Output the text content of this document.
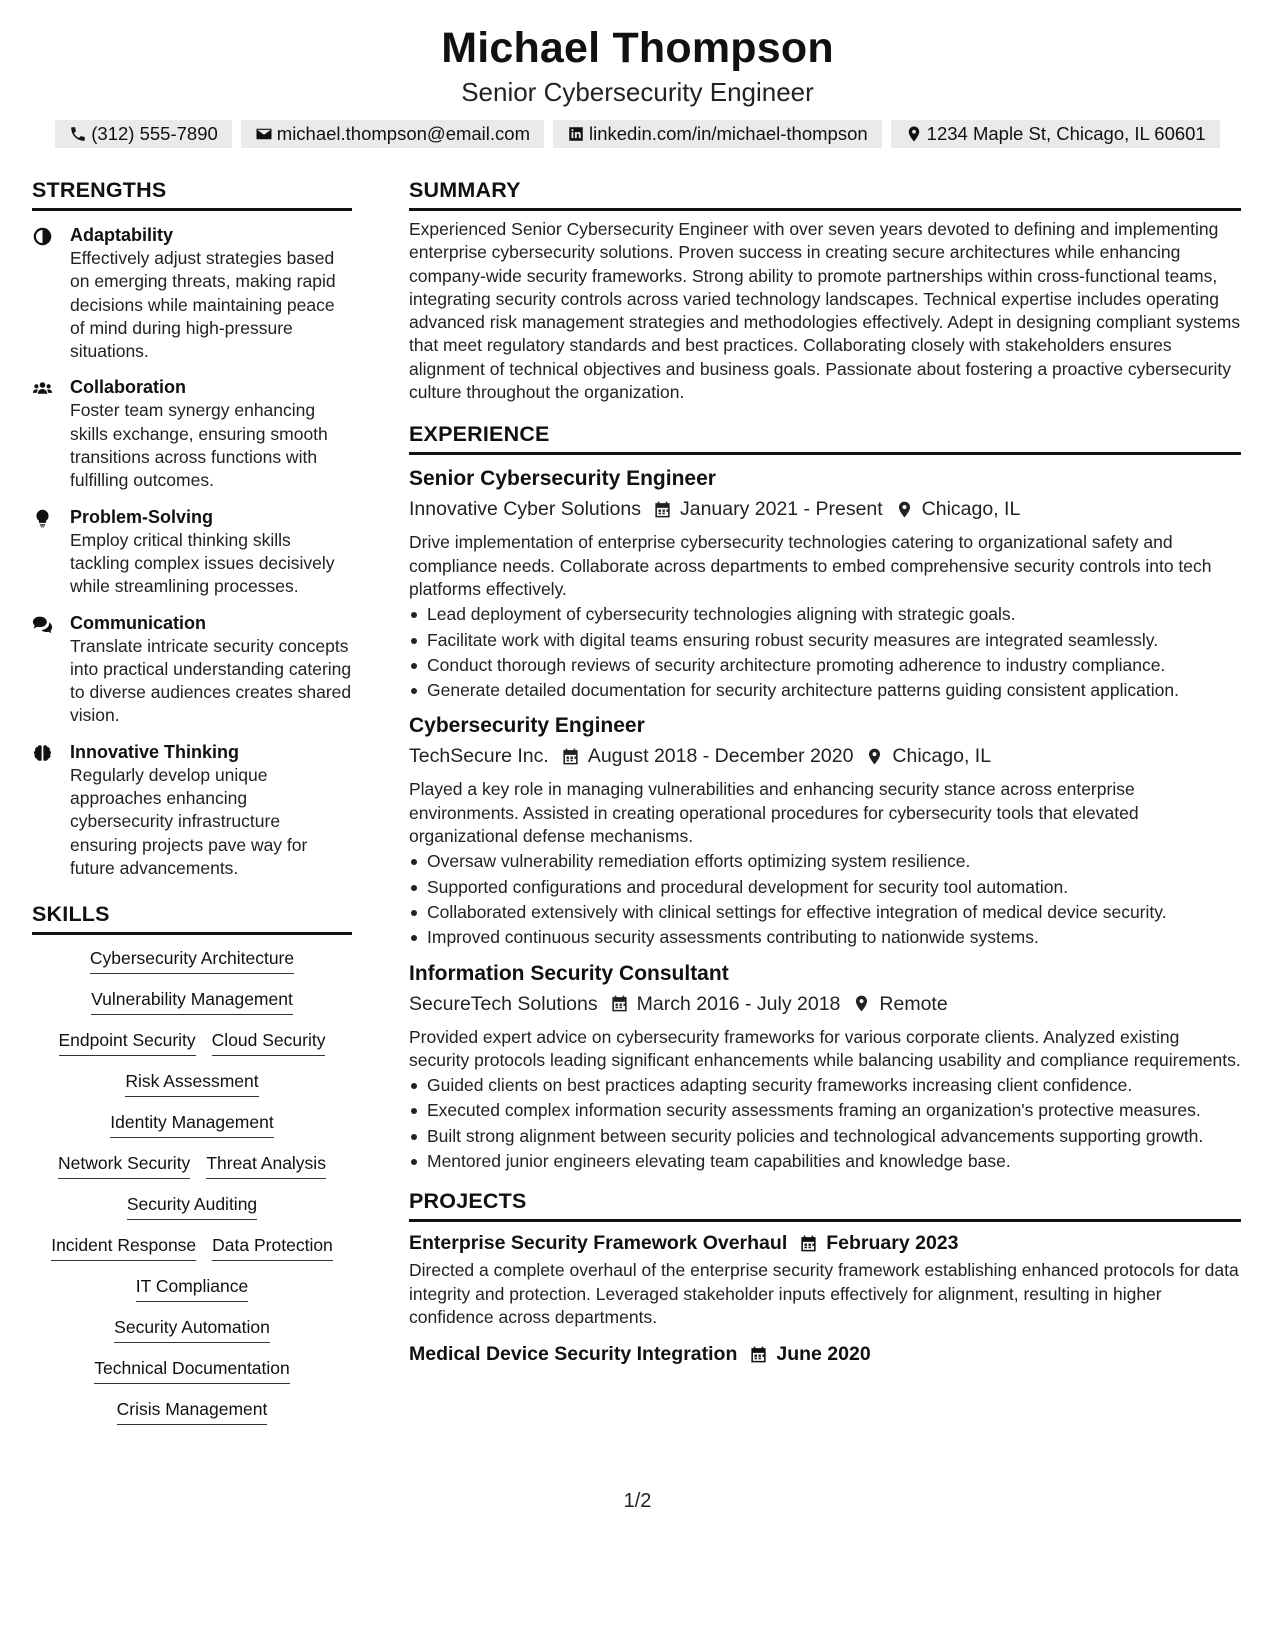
Michael Thompson
Senior Cybersecurity Engineer
(312) 555-7890	michael.thompson@email.com	linkedin.com/in/michael-thompson	1234 Maple St, Chicago, IL 60601
STRENGTHS
Adaptability
Effectively adjust strategies based on emerging threats, making rapid decisions while maintaining peace of mind during high-pressure situations.
Collaboration
Foster team synergy enhancing skills exchange, ensuring smooth transitions across functions with fulfilling outcomes.
Problem-Solving
Employ critical thinking skills tackling complex issues decisively while streamlining processes.
Communication
Translate intricate security concepts into practical understanding catering to diverse audiences creates shared vision.
Innovative Thinking
Regularly develop unique approaches enhancing cybersecurity infrastructure ensuring projects pave way for future advancements.
SKILLS
Cybersecurity Architecture
Vulnerability Management
Endpoint Security Cloud Security
Risk Assessment
Identity Management
Network Security Threat Analysis
Security Auditing
Incident Response Data Protection
IT Compliance
Security Automation
Technical Documentation
Crisis Management
SUMMARY
Experienced Senior Cybersecurity Engineer with over seven years devoted to defining and implementing enterprise cybersecurity solutions. Proven success in creating secure architectures while enhancing company-wide security frameworks. Strong ability to promote partnerships within cross-functional teams, integrating security controls across varied technology landscapes. Technical expertise includes operating advanced risk management strategies and methodologies effectively. Adept in designing compliant systems that meet regulatory standards and best practices. Collaborating closely with stakeholders ensures alignment of technical objectives and business goals. Passionate about fostering a proactive cybersecurity culture throughout the organization.
EXPERIENCE
Senior Cybersecurity Engineer
Innovative Cyber Solutions January 2021 - Present Chicago, IL
Drive implementation of enterprise cybersecurity technologies catering to organizational safety and compliance needs. Collaborate across departments to embed comprehensive security controls into tech platforms effectively.
Lead deployment of cybersecurity technologies aligning with strategic goals.
Facilitate work with digital teams ensuring robust security measures are integrated seamlessly.
Conduct thorough reviews of security architecture promoting adherence to industry compliance.
Generate detailed documentation for security architecture patterns guiding consistent application.
Cybersecurity Engineer
TechSecure Inc. August 2018 - December 2020 Chicago, IL
Played a key role in managing vulnerabilities and enhancing security stance across enterprise environments. Assisted in creating operational procedures for cybersecurity tools that elevated organizational defense mechanisms.
Oversaw vulnerability remediation efforts optimizing system resilience.
Supported configurations and procedural development for security tool automation.
Collaborated extensively with clinical settings for effective integration of medical device security.
Improved continuous security assessments contributing to nationwide systems.
Information Security Consultant
SecureTech Solutions March 2016 - July 2018 Remote
Provided expert advice on cybersecurity frameworks for various corporate clients. Analyzed existing security protocols leading significant enhancements while balancing usability and compliance requirements.
Guided clients on best practices adapting security frameworks increasing client confidence.
Executed complex information security assessments framing an organization's protective measures.
Built strong alignment between security policies and technological advancements supporting growth.
Mentored junior engineers elevating team capabilities and knowledge base.
PROJECTS
Enterprise Security Framework Overhaul February 2023
Directed a complete overhaul of the enterprise security framework establishing enhanced protocols for data integrity and protection. Leveraged stakeholder inputs effectively for alignment, resulting in higher confidence across departments.
Medical Device Security Integration June 2020
1/2
